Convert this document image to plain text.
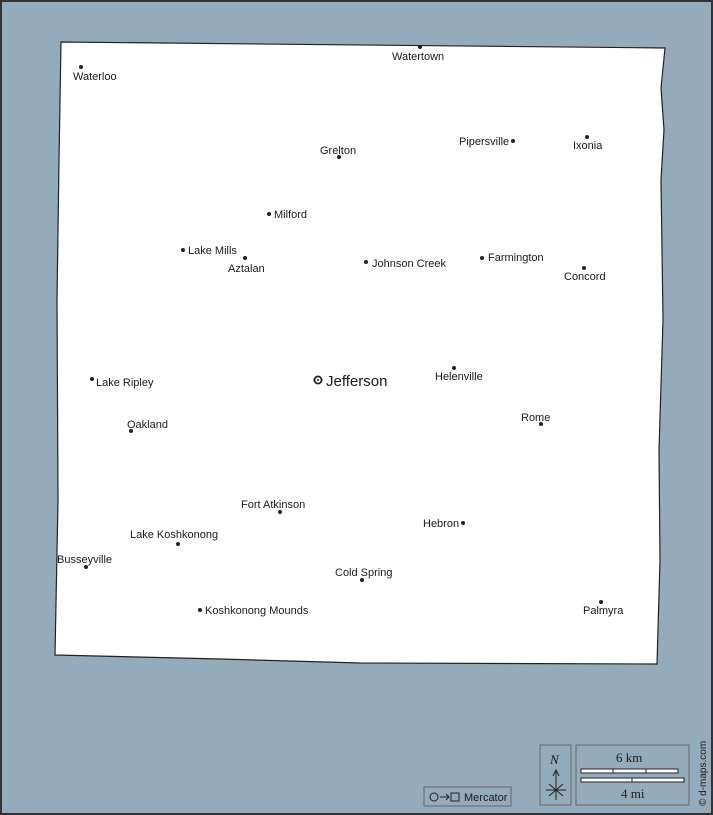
Waterloo
Watertown
Grelton
Pipersville	Ixonia
Milford
Lake Mills
Aztalan	Johnson Creek	Farmington
Concord
Lake Ripley	Helenville
Rome
Oakland
Fort Atkinson
Hebron
Lake Koshkonong
Busseyville
Cold Spring
Koshkonong Mounds	Palmyra
Jefferson
Mercator
N	6 km
4 mi	© d-maps.com
